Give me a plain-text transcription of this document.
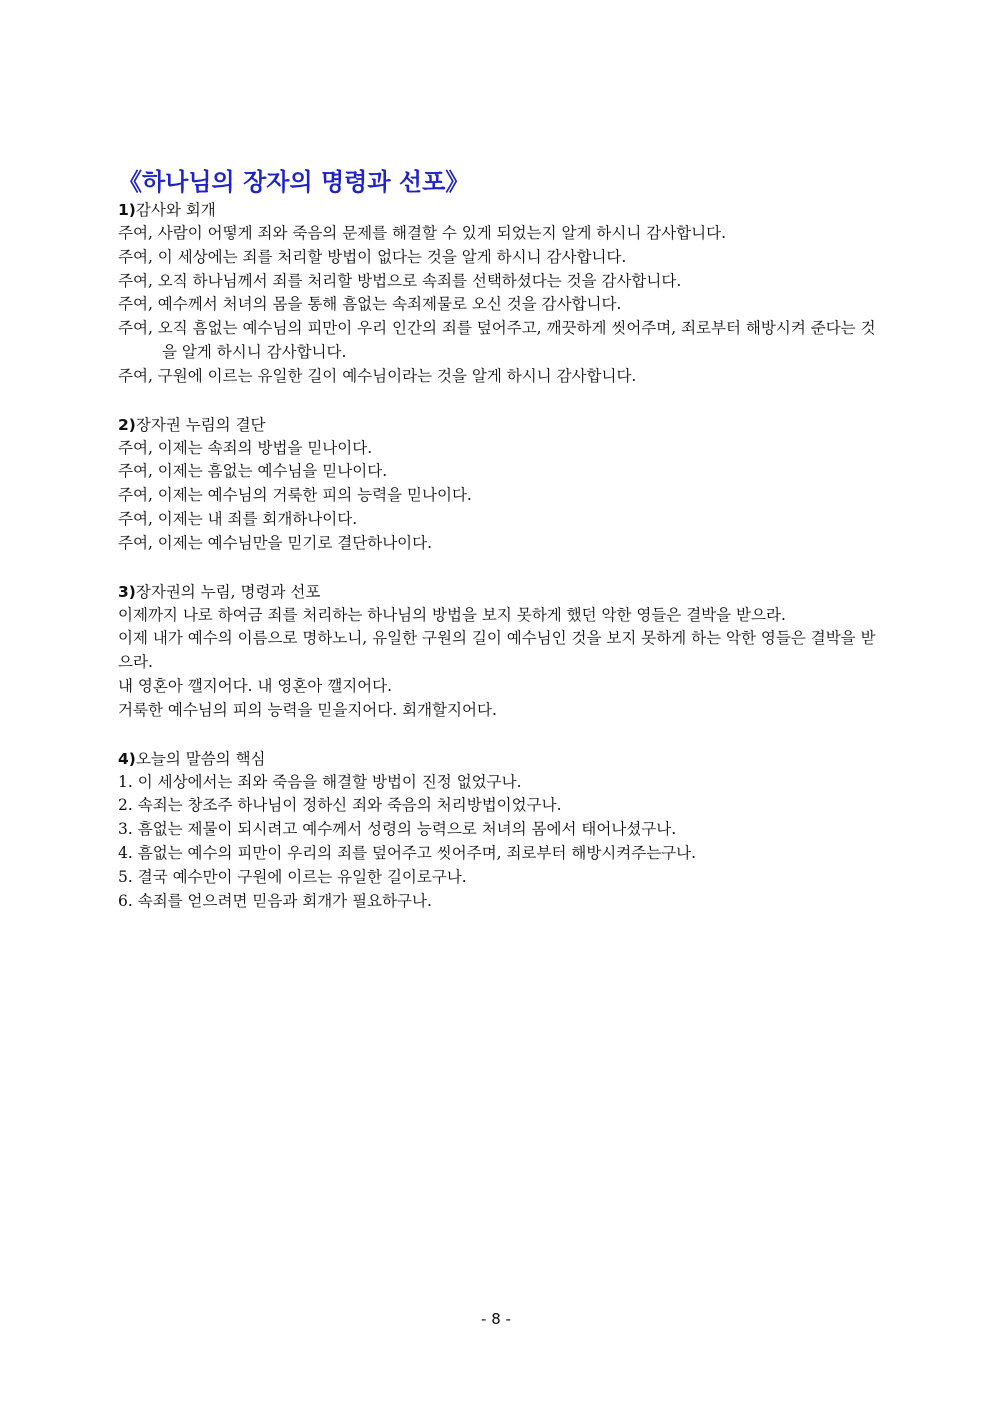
《하나님의 장자의 명령과 선포》

1)감사와 회개

주여, 사람이 어떻게 죄와 죽음의 문제를 해결할 수 있게 되었는지 알게 하시니 감사합니다.

주여, 이 세상에는 죄를 처리할 방법이 없다는 것을 알게 하시니 감사합니다.

주여, 오직 하나님께서 죄를 처리할 방법으로 속죄를 선택하셨다는 것을 감사합니다.

주여, 예수께서 처녀의 몸을 통해 흠없는 속죄제물로 오신 것을 감사합니다.

주여, 오직 흠없는 예수님의 피만이 우리 인간의 죄를 덮어주고, 깨끗하게 씻어주며, 죄로부터 해방시켜 준다는 것을 알게 하시니 감사합니다.

주여, 구원에 이르는 유일한 길이 예수님이라는 것을 알게 하시니 감사합니다.

2)장자권 누림의 결단

주여, 이제는 속죄의 방법을 믿나이다.

주여, 이제는 흠없는 예수님을 믿나이다.

주여, 이제는 예수님의 거룩한 피의 능력을 믿나이다.

주여, 이제는 내 죄를 회개하나이다.

주여, 이제는 예수님만을 믿기로 결단하나이다.

3)장자권의 누림, 명령과 선포

이제까지 나로 하여금 죄를 처리하는 하나님의 방법을 보지 못하게 했던 악한 영들은 결박을 받으라.

이제 내가 예수의 이름으로 명하노니, 유일한 구원의 길이 예수님인 것을 보지 못하게 하는 악한 영들은 결박을 받으라.

내 영혼아 깰지어다. 내 영혼아 깰지어다.

거룩한 예수님의 피의 능력을 믿을지어다. 회개할지어다.

4)오늘의 말씀의 핵심

1. 이 세상에서는 죄와 죽음을 해결할 방법이 진정 없었구나.

2. 속죄는 창조주 하나님이 정하신 죄와 죽음의 처리방법이었구나.

3. 흠없는 제물이 되시려고 예수께서 성령의 능력으로 처녀의 몸에서 태어나셨구나.

4. 흠없는 예수의 피만이 우리의 죄를 덮어주고 씻어주며, 죄로부터 해방시켜주는구나.

5. 결국 예수만이 구원에 이르는 유일한 길이로구나.

6. 속죄를 얻으려면 믿음과 회개가 필요하구나.

- 8 -
